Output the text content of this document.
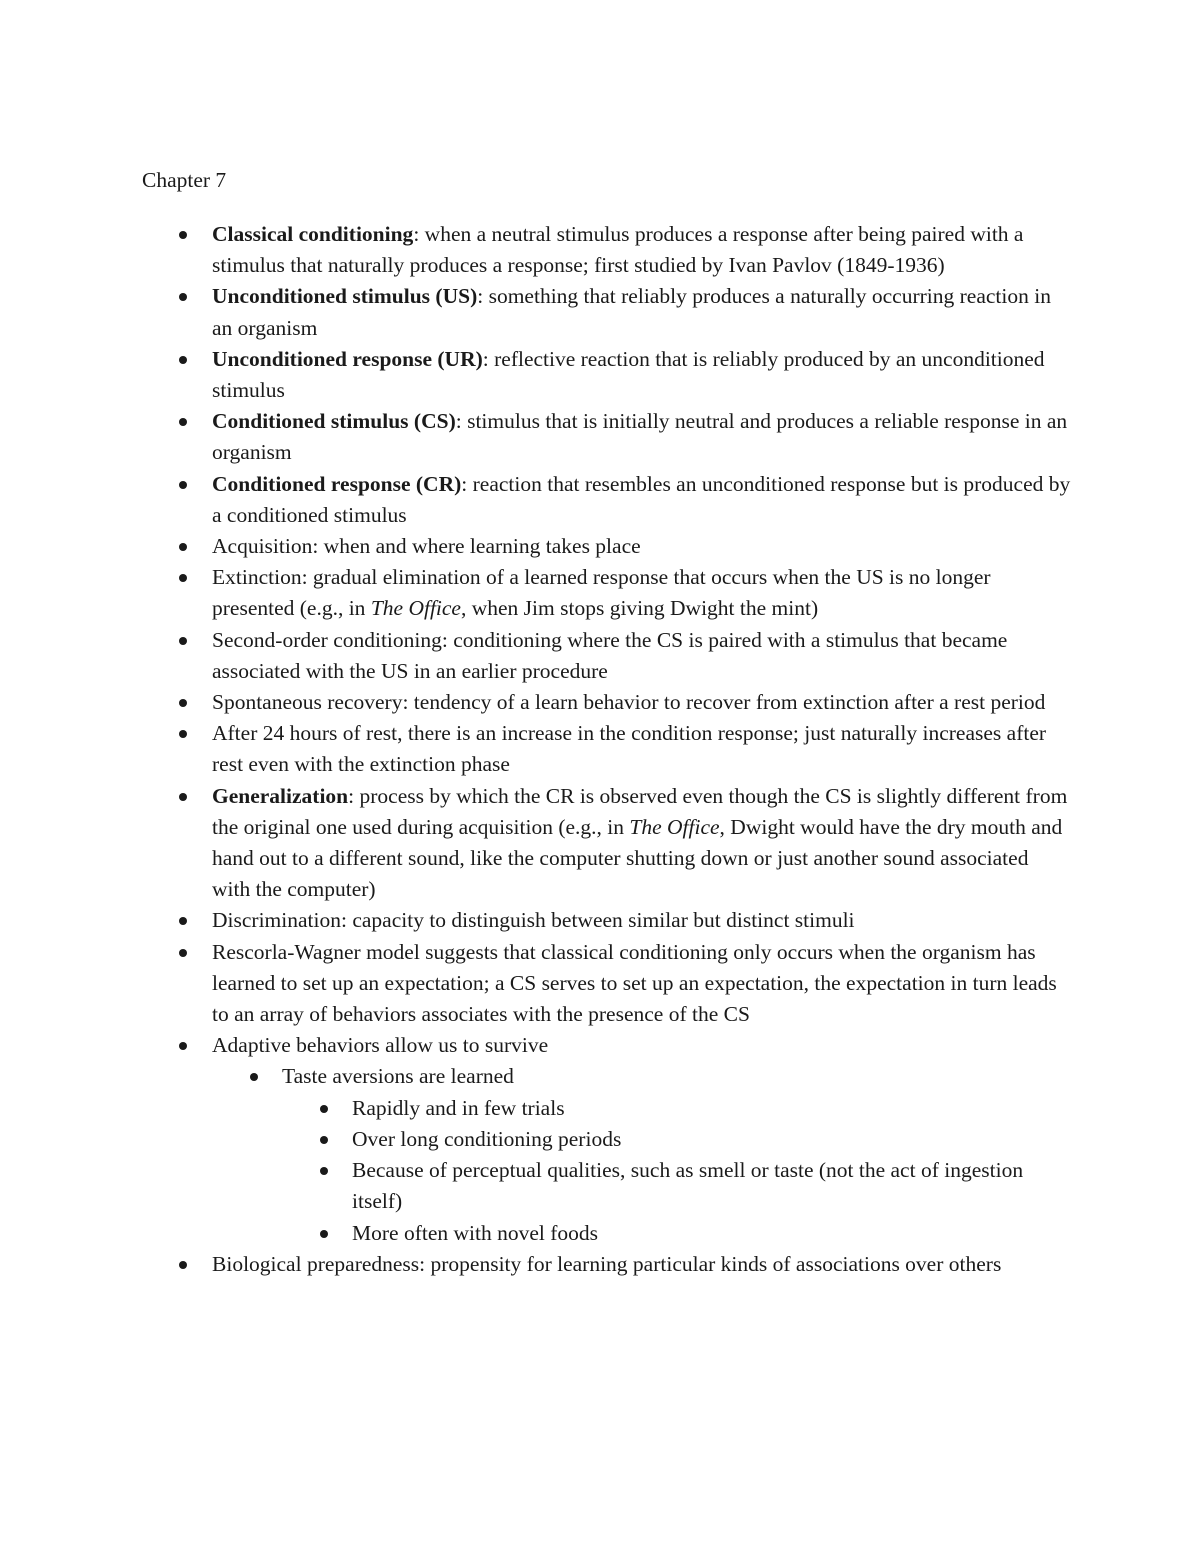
Chapter 7
Classical conditioning: when a neutral stimulus produces a response after being paired with a stimulus that naturally produces a response; first studied by Ivan Pavlov (1849-1936)
Unconditioned stimulus (US): something that reliably produces a naturally occurring reaction in an organism
Unconditioned response (UR): reflective reaction that is reliably produced by an unconditioned stimulus
Conditioned stimulus (CS): stimulus that is initially neutral and produces a reliable response in an organism
Conditioned response (CR): reaction that resembles an unconditioned response but is produced by a conditioned stimulus
Acquisition: when and where learning takes place
Extinction: gradual elimination of a learned response that occurs when the US is no longer presented (e.g., in The Office, when Jim stops giving Dwight the mint)
Second-order conditioning: conditioning where the CS is paired with a stimulus that became associated with the US in an earlier procedure
Spontaneous recovery: tendency of a learn behavior to recover from extinction after a rest period
After 24 hours of rest, there is an increase in the condition response; just naturally increases after rest even with the extinction phase
Generalization: process by which the CR is observed even though the CS is slightly different from the original one used during acquisition (e.g., in The Office, Dwight would have the dry mouth and hand out to a different sound, like the computer shutting down or just another sound associated with the computer)
Discrimination: capacity to distinguish between similar but distinct stimuli
Rescorla-Wagner model suggests that classical conditioning only occurs when the organism has learned to set up an expectation; a CS serves to set up an expectation, the expectation in turn leads to an array of behaviors associates with the presence of the CS
Adaptive behaviors allow us to survive
Taste aversions are learned
Rapidly and in few trials
Over long conditioning periods
Because of perceptual qualities, such as smell or taste (not the act of ingestion itself)
More often with novel foods
Biological preparedness: propensity for learning particular kinds of associations over others
